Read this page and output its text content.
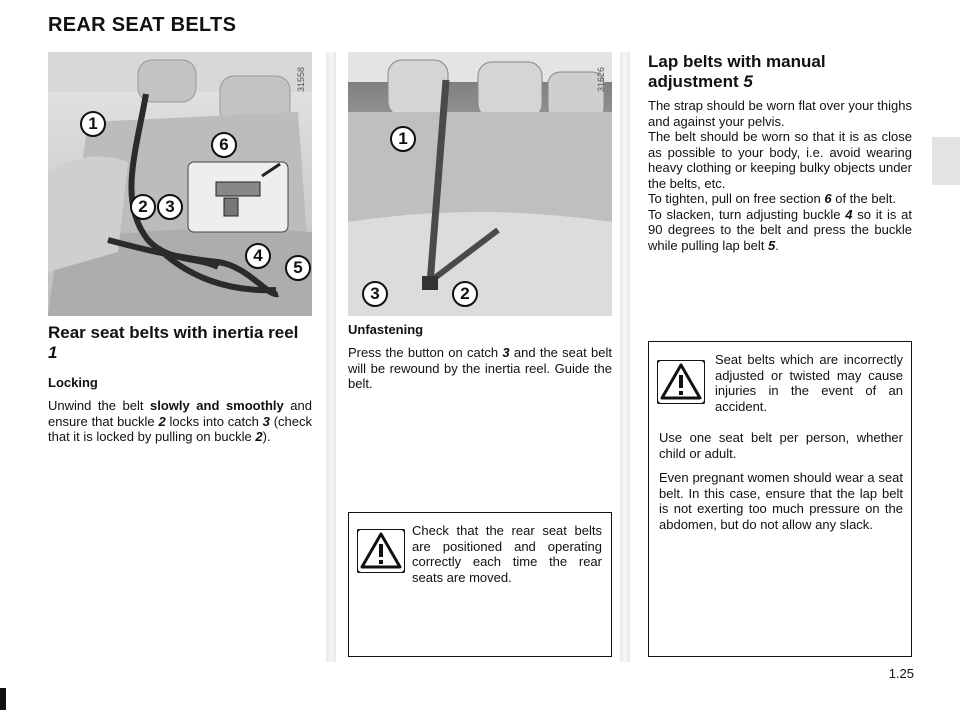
REAR SEAT BELTS
31558
1
6
2	3
4
5
31626
1
3	2
Rear seat belts with inertia reel 1
Locking
Unwind the belt slowly and smoothly and ensure that buckle 2 locks into catch 3 (check that it is locked by pulling on buckle 2).
Unfastening
Press the button on catch 3 and the seat belt will be rewound by the inertia reel. Guide the belt.
Check that the rear seat belts are positioned and operating correctly each time the rear seats are moved.
Lap belts with manual adjustment 5
The strap should be worn flat over your thighs and against your pelvis.
The belt should be worn so that it is as close as possible to your body, i.e. avoid wearing heavy clothing or keeping bulky objects under the belts, etc.
To tighten, pull on free section 6 of the belt.
To slacken, turn adjusting buckle 4 so it is at 90 degrees to the belt and press the buckle while pulling lap belt 5.
Seat belts which are incorrectly adjusted or twisted may cause injuries in the event of an accident.
Use one seat belt per person, whether child or adult.
Even pregnant women should wear a seat belt. In this case, ensure that the lap belt is not exerting too much pressure on the abdomen, but do not allow any slack.
1.25
